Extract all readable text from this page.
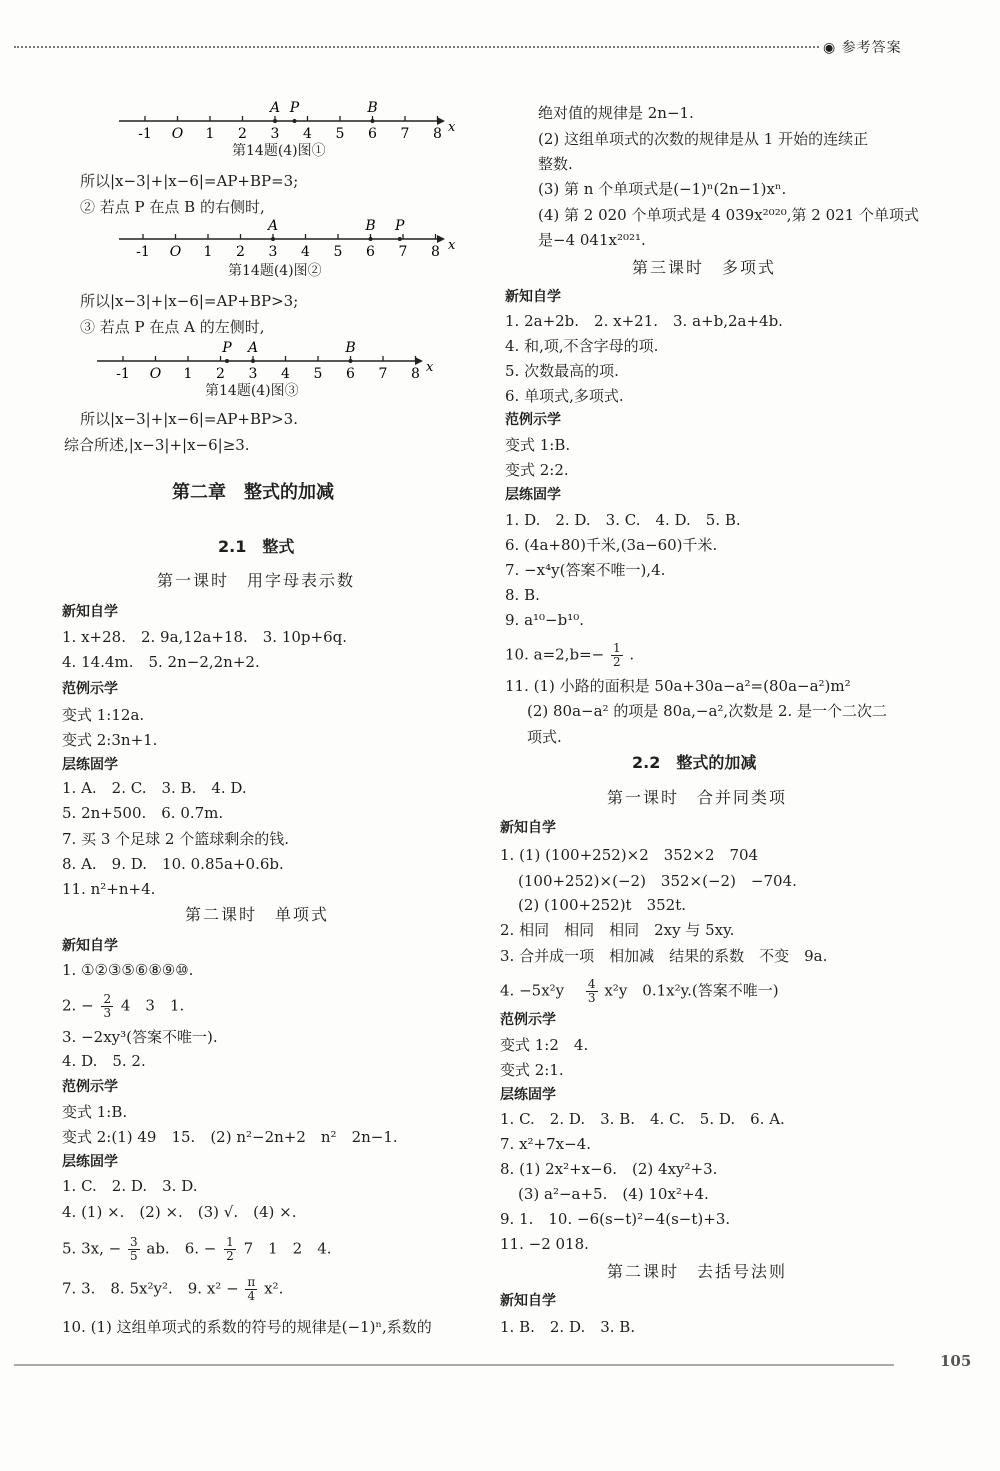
◉ 参考答案
-1 O 1 2 3 4 5 6 7 8
A P	B
x
第14题(4)图①
所以|x−3|+|x−6|=AP+BP=3;
② 若点 P 在点 B 的右侧时,
-1 O 1 2 3 4 5 6 7 8
A	B P
x
第14题(4)图②
所以|x−3|+|x−6|=AP+BP>3;
③ 若点 P 在点 A 的左侧时,
-1 O 1 2 3 4 5 6 7 8
P A	B
x
第14题(4)图③
所以|x−3|+|x−6|=AP+BP>3.
综合所述,|x−3|+|x−6|≥3.
第二章　整式的加减
2.1　整式
第一课时　用字母表示数
新知自学
1. x+28.　2. 9a,12a+18.　3. 10p+6q.
4. 14.4m.　5. 2n−2,2n+2.
范例示学
变式 1:12a.
变式 2:3n+1.
层练固学
1. A.　2. C.　3. B.　4. D.
5. 2n+500.　6. 0.7m.
7. 买 3 个足球 2 个篮球剩余的钱.
8. A.　9. D.　10. 0.85a+0.6b.
11. n²+n+4.
第二课时　单项式
新知自学
1. ①②③⑤⑥⑧⑨⑩.
2. − $\frac{2}{3} 4$　3　1.
3. −2xy³(答案不唯一).
4. D.　5. 2.
范例示学
变式 1:B.
变式 2:(1) 49　15.　(2) n²−2n+2　n²　2n−1.
层练固学
1. C.　2. D.　3. D.
4. (1) ×.　(2) ×.　(3) √.　(4) ×.
5. 3x, − $\frac{3}{5}$ ab.　6. − $\frac{1}{2} 7$　1　2　4.
7. 3.　8. 5x²y².　9. $x^2 - \frac{\pi}{4} x^2$.
10. (1) 这组单项式的系数的符号的规律是(−1)ⁿ,系数的
绝对值的规律是 2n−1.
(2) 这组单项式的次数的规律是从 1 开始的连续正
整数.
(3) 第 n 个单项式是(−1)ⁿ(2n−1)xⁿ.
(4) 第 2 020 个单项式是 4 039x²⁰²⁰,第 2 021 个单项式
是−4 041x²⁰²¹.
第三课时　多项式
新知自学
1. 2a+2b.　2. x+21.　3. a+b,2a+4b.
4. 和,项,不含字母的项.
5. 次数最高的项.
6. 单项式,多项式.
范例示学
变式 1:B.
变式 2:2.
层练固学
1. D.　2. D.　3. C.　4. D.　5. B.
6. (4a+80)千米,(3a−60)千米.
7. −x⁴y(答案不唯一),4.
8. B.
9. a¹⁰−b¹⁰.
10. $a=2,b=- \frac{1}{2}$ .
11. (1) 小路的面积是 50a+30a−a²=(80a−a²)m²
(2) 80a−a² 的项是 80a,−a²,次数是 2. 是一个二次二
项式.
2.2　整式的加减
第一课时　合并同类项
新知自学
1. (1) (100+252)×2　352×2　704
(100+252)×(−2)　352×(−2)　−704.
(2) (100+252)t　352t.
2. 相同　相同　相同　2xy 与 5xy.
3. 合并成一项　相加减　结果的系数　不变　9a.
4. −5x²y　 $\frac{4}{3} x^2y$　0.1x²y.(答案不唯一)
范例示学
变式 1:2　4.
变式 2:1.
层练固学
1. C.　2. D.　3. B.　4. C.　5. D.　6. A.
7. x²+7x−4.
8. (1) 2x²+x−6.　(2) 4xy²+3.
(3) a²−a+5.　(4) 10x²+4.
9. 1.　10. −6(s−t)²−4(s−t)+3.
11. −2 018.
第二课时　去括号法则
新知自学
1. B.　2. D.　3. B.
105
